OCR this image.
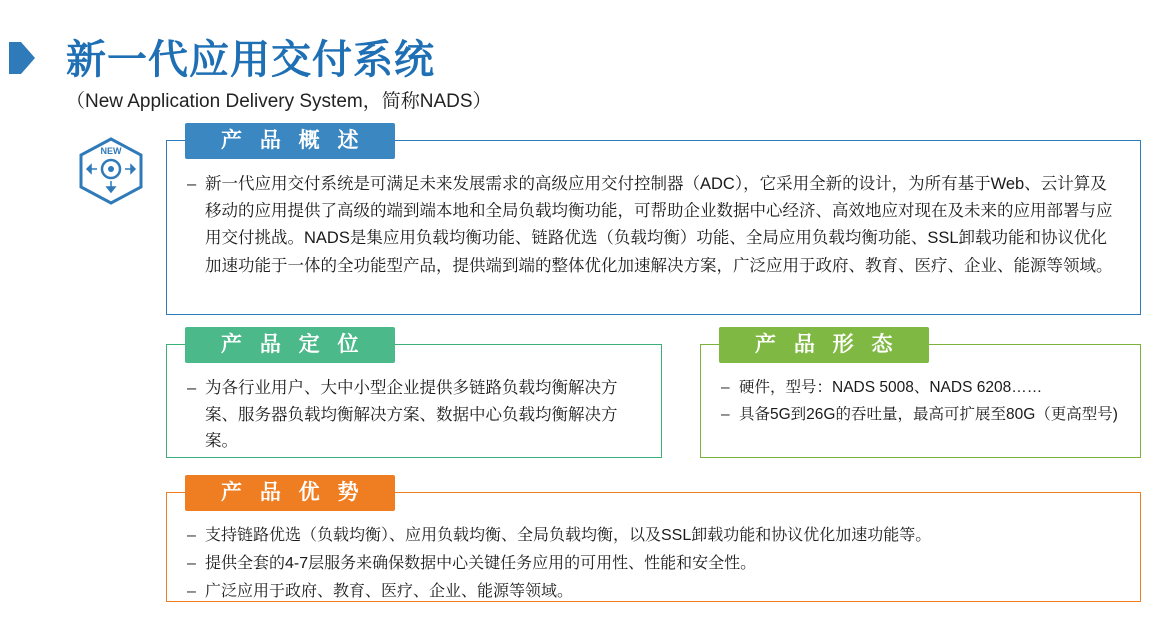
新一代应用交付系统
（New Application Delivery System，简称NADS）
NEW	产 品 概 述
– 新一代应用交付系统是可满足未来发展需求的高级应用交付控制器（ADC），它采用全新的设计，为所有基于Web、云计算及移动的应用提供了高级的端到端本地和全局负载均衡功能，可帮助企业数据中心经济、高效地应对现在及未来的应用部署与应用交付挑战。NADS是集应用负载均衡功能、链路优选（负载均衡）功能、全局应用负载均衡功能、SSL卸载功能和协议优化加速功能于一体的全功能型产品，提供端到端的整体优化加速解决方案，广泛应用于政府、教育、医疗、企业、能源等领域。
产 品 定 位
– 为各行业用户、大中小型企业提供多链路负载均衡解决方案、服务器负载均衡解决方案、数据中心负载均衡解决方案。
产 品 形 态
– 硬件，型号：NADS 5008、NADS 6208……
– 具备5G到26G的吞吐量，最高可扩展至80G（更高型号)
产 品 优 势
– 支持链路优选（负载均衡）、应用负载均衡、全局负载均衡，以及SSL卸载功能和协议优化加速功能等。
– 提供全套的4-7层服务来确保数据中心关键任务应用的可用性、性能和安全性。
– 广泛应用于政府、教育、医疗、企业、能源等领域。
